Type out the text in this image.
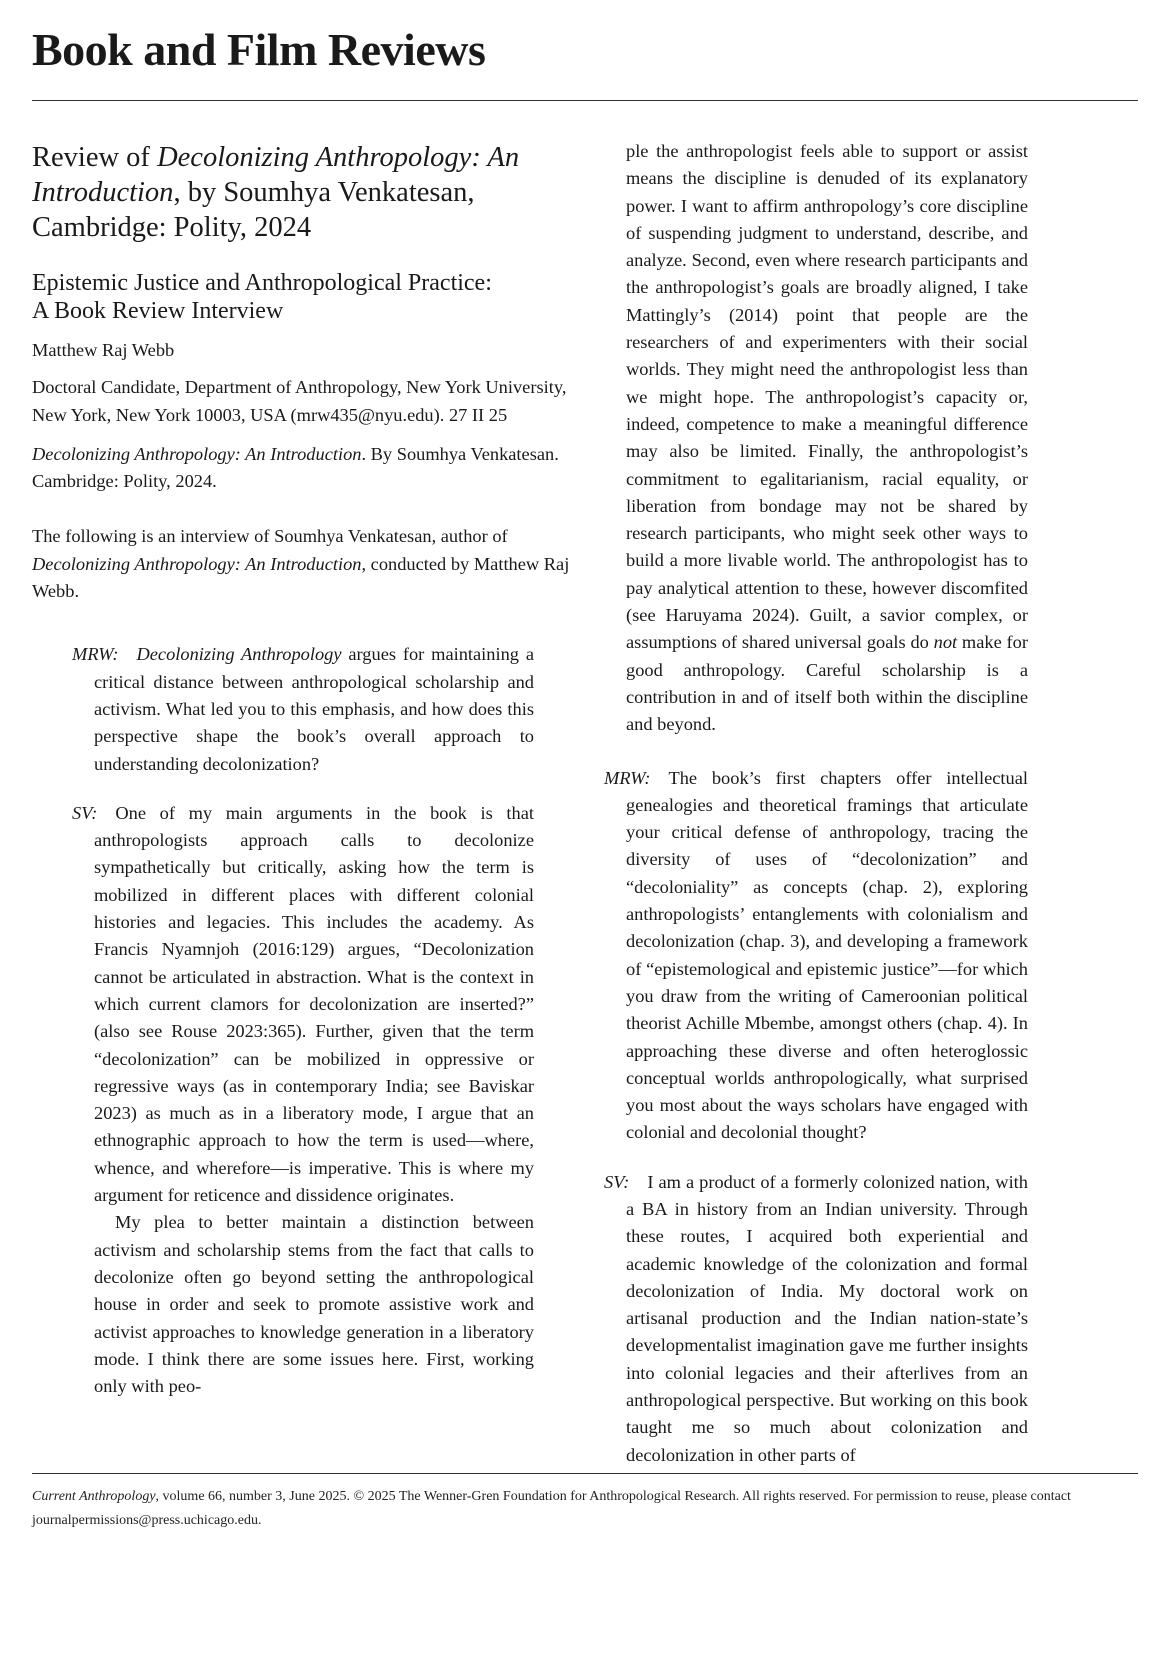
Book and Film Reviews
Review of Decolonizing Anthropology: An Introduction, by Soumhya Venkatesan, Cambridge: Polity, 2024
Epistemic Justice and Anthropological Practice:
A Book Review Interview

Matthew Raj Webb

Doctoral Candidate, Department of Anthropology, New York University, New York, New York 10003, USA (mrw435@nyu.edu). 27 II 25

Decolonizing Anthropology: An Introduction. By Soumhya Venkatesan. Cambridge: Polity, 2024.

The following is an interview of Soumhya Venkatesan, author of Decolonizing Anthropology: An Introduction, conducted by Matthew Raj Webb.

MRW: Decolonizing Anthropology argues for maintaining a critical distance between anthropological scholarship and activism. What led you to this emphasis, and how does this perspective shape the book’s overall approach to understanding decolonization?

SV: One of my main arguments in the book is that anthropologists approach calls to decolonize sympathetically but critically, asking how the term is mobilized in different places with different colonial histories and legacies. This includes the academy. As Francis Nyamnjoh (2016:129) argues, “Decolonization cannot be articulated in abstraction. What is the context in which current clamors for decolonization are inserted?” (also see Rouse 2023:365). Further, given that the term “decolonization” can be mobilized in oppressive or regressive ways (as in contemporary India; see Baviskar 2023) as much as in a liberatory mode, I argue that an ethnographic approach to how the term is used—where, whence, and wherefore—is imperative. This is where my argument for reticence and dissidence originates.

My plea to better maintain a distinction between activism and scholarship stems from the fact that calls to decolonize often go beyond setting the anthropological house in order and seek to promote assistive work and activist approaches to knowledge generation in a liberatory mode. I think there are some issues here. First, working only with peo-

ple the anthropologist feels able to support or assist means the discipline is denuded of its explanatory power. I want to affirm anthropology’s core discipline of suspending judgment to understand, describe, and analyze. Second, even where research participants and the anthropologist’s goals are broadly aligned, I take Mattingly’s (2014) point that people are the researchers of and experimenters with their social worlds. They might need the anthropologist less than we might hope. The anthropologist’s capacity or, indeed, competence to make a meaningful difference may also be limited. Finally, the anthropologist’s commitment to egalitarianism, racial equality, or liberation from bondage may not be shared by research participants, who might seek other ways to build a more livable world. The anthropologist has to pay analytical attention to these, however discomfited (see Haruyama 2024). Guilt, a savior complex, or assumptions of shared universal goals do not make for good anthropology. Careful scholarship is a contribution in and of itself both within the discipline and beyond.

MRW: The book’s first chapters offer intellectual genealogies and theoretical framings that articulate your critical defense of anthropology, tracing the diversity of uses of “decolonization” and “decoloniality” as concepts (chap. 2), exploring anthropologists’ entanglements with colonialism and decolonization (chap. 3), and developing a framework of “epistemological and epistemic justice”—for which you draw from the writing of Cameroonian political theorist Achille Mbembe, amongst others (chap. 4). In approaching these diverse and often heteroglossic conceptual worlds anthropologically, what surprised you most about the ways scholars have engaged with colonial and decolonial thought?

SV: I am a product of a formerly colonized nation, with a BA in history from an Indian university. Through these routes, I acquired both experiential and academic knowledge of the colonization and formal decolonization of India. My doctoral work on artisanal production and the Indian nation-state’s developmentalist imagination gave me further insights into colonial legacies and their afterlives from an anthropological perspective. But working on this book taught me so much about colonization and decolonization in other parts of

Current Anthropology, volume 66, number 3, June 2025. © 2025 The Wenner-Gren Foundation for Anthropological Research. All rights reserved. For permission to reuse, please contact journalpermissions@press.uchicago.edu.
